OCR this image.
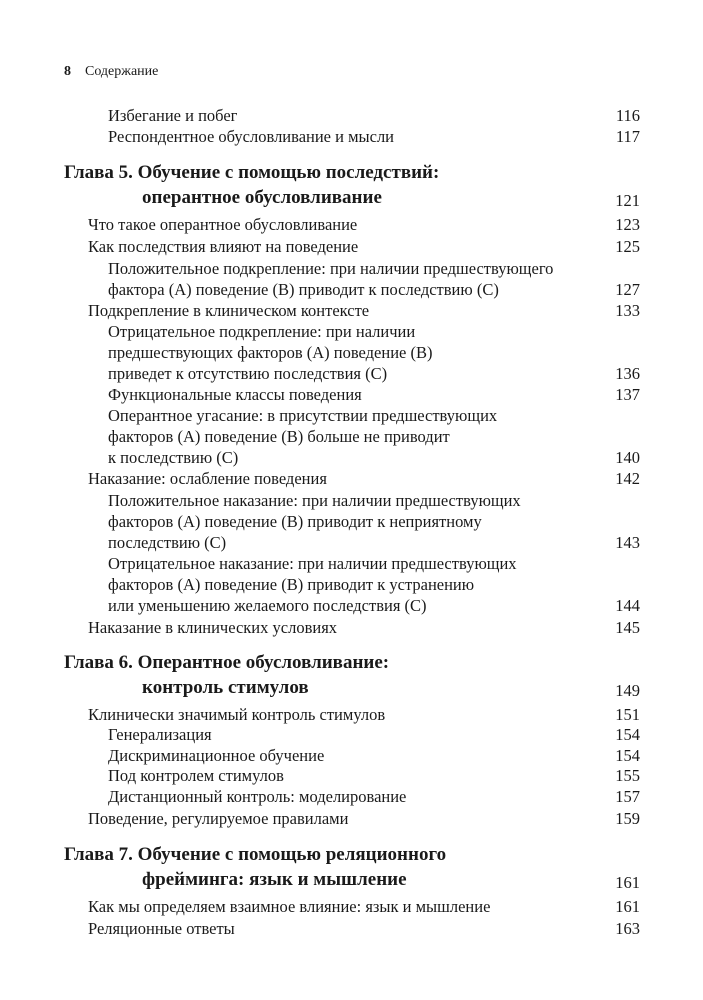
8 Содержание
Избегание и побег	116
Респондентное обусловливание и мысли	117
Глава 5. Обучение с помощью последствий:
оперантное обусловливание	121
Что такое оперантное обусловливание	123
Как последствия влияют на поведение	125
Положительное подкрепление: при наличии предшествующего
фактора (A) поведение (B) приводит к последствию (C)	127
Подкрепление в клиническом контексте	133
Отрицательное подкрепление: при наличии
предшествующих факторов (A) поведение (B)
приведет к отсутствию последствия (C)	136
Функциональные классы поведения	137
Оперантное угасание: в присутствии предшествующих
факторов (A) поведение (B) больше не приводит
к последствию (C)	140
Наказание: ослабление поведения	142
Положительное наказание: при наличии предшествующих
факторов (A) поведение (B) приводит к неприятному
последствию (C)	143
Отрицательное наказание: при наличии предшествующих
факторов (A) поведение (B) приводит к устранению
или уменьшению желаемого последствия (C)	144
Наказание в клинических условиях	145
Глава 6. Оперантное обусловливание:
контроль стимулов	149
Клинически значимый контроль стимулов	151
Генерализация	154
Дискриминационное обучение	154
Под контролем стимулов	155
Дистанционный контроль: моделирование	157
Поведение, регулируемое правилами	159
Глава 7. Обучение с помощью реляционного
фрейминга: язык и мышление	161
Как мы определяем взаимное влияние: язык и мышление	161
Реляционные ответы	163
